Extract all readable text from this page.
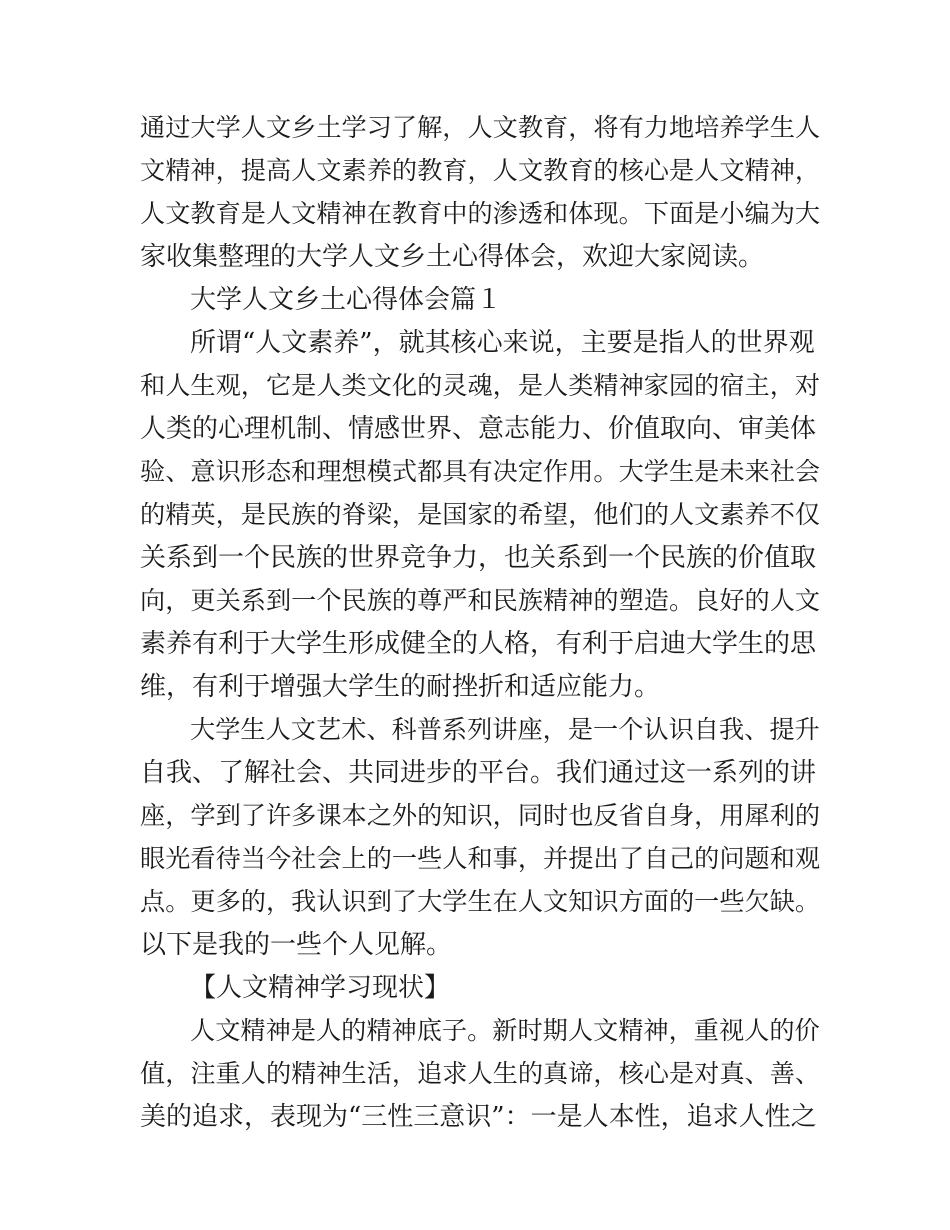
通过大学人文乡土学习了解，人文教育，将有力地培养学生人
文精神，提高人文素养的教育，人文教育的核心是人文精神，
人文教育是人文精神在教育中的渗透和体现。下面是小编为大
家收集整理的大学人文乡土心得体会，欢迎大家阅读。
大学人文乡土心得体会篇１
所谓“人文素养”，就其核心来说，主要是指人的世界观
和人生观，它是人类文化的灵魂，是人类精神家园的宿主，对
人类的心理机制、情感世界、意志能力、价值取向、审美体
验、意识形态和理想模式都具有决定作用。大学生是未来社会
的精英，是民族的脊梁，是国家的希望，他们的人文素养不仅
关系到一个民族的世界竞争力，也关系到一个民族的价值取
向，更关系到一个民族的尊严和民族精神的塑造。良好的人文
素养有利于大学生形成健全的人格，有利于启迪大学生的思
维，有利于增强大学生的耐挫折和适应能力。
大学生人文艺术、科普系列讲座，是一个认识自我、提升
自我、了解社会、共同进步的平台。我们通过这一系列的讲
座，学到了许多课本之外的知识，同时也反省自身，用犀利的
眼光看待当今社会上的一些人和事，并提出了自己的问题和观
点。更多的，我认识到了大学生在人文知识方面的一些欠缺。
以下是我的一些个人见解。
【人文精神学习现状】
人文精神是人的精神底子。新时期人文精神，重视人的价
值，注重人的精神生活，追求人生的真谛，核心是对真、善、
美的追求，表现为“三性三意识”：一是人本性，追求人性之
